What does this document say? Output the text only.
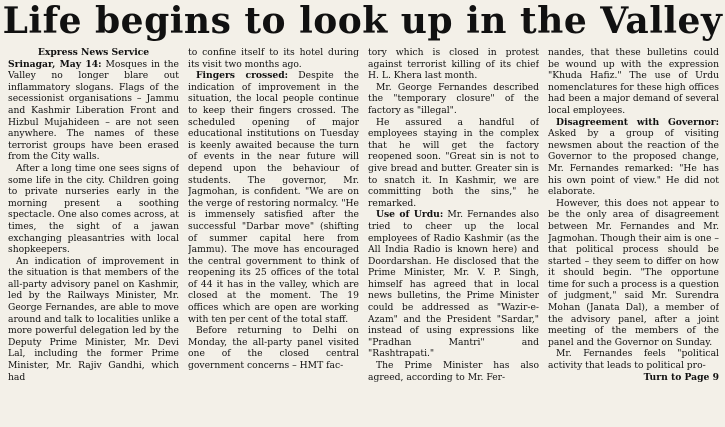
Life begins to look up in the Valley

Express News Service

Srinagar, May 14: Mosques in the Valley no longer blare out inflammatory slogans. Flags of the secessionist organisations – Jammu and Kashmir Liberation Front and Hizbul Mujahideen – are not seen anywhere. The names of these terrorist groups have been erased from the City walls.

After a long time one sees signs of some life in the city. Children going to private nurseries early in the morning present a soothing spectacle. One also comes across, at times, the sight of a jawan exchanging pleasantries with local shopkeepers.

An indication of improvement in the situation is that members of the all-party advisory panel on Kashmir, led by the Railways Minister, Mr. George Fernandes, are able to move around and talk to localities unlike a more powerful delegation led by the Deputy Prime Minister, Mr. Devi Lal, including the former Prime Minister, Mr. Rajiv Gandhi, which had

to confine itself to its hotel during its visit two months ago.

Fingers crossed: Despite the indication of improvement in the situation, the local people continue to keep their fingers crossed. The scheduled opening of major educational institutions on Tuesday is keenly awaited because the turn of events in the near future will depend upon the behaviour of students. The governor, Mr. Jagmohan, is confident. "We are on the verge of restoring normalcy. "He is immensely satisfied after the successful "Darbar move" (shifting of summer capital here from Jammu). The move has encouraged the central government to think of reopening its 25 offices of the total of 44 it has in the valley, which are closed at the moment. The 19 offices which are open are working with ten per cent of the total staff.

Before returning to Delhi on Monday, the all-party panel visited one of the closed central government concerns – HMT fac-

tory which is closed in protest against terrorist killing of its chief H. L. Khera last month.

Mr. George Fernandes described the "temporary closure" of the factory as "illegal".

He assured a handful of employees staying in the complex that he will get the factory reopened soon. "Great sin is not to give bread and butter. Greater sin is to snatch it. In Kashmir, we are committing both the sins," he remarked.

Use of Urdu: Mr. Fernandes also tried to cheer up the local employees of Radio Kashmir (as the All India Radio is known here) and Doordarshan. He disclosed that the Prime Minister, Mr. V. P. Singh, himself has agreed that in local news bulletins, the Prime Minister could be addressed as "Wazir-e-Azam" and the President "Sardar," instead of using expressions like "Pradhan Mantri" and "Rashtrapati."

The Prime Minister has also agreed, according to Mr. Fer-

nandes, that these bulletins could be wound up with the expression "Khuda Hafiz." The use of Urdu nomenclatures for these high offices had been a major demand of several local employees.

Disagreement with Governor: Asked by a group of visiting newsmen about the reaction of the Governor to the proposed change, Mr. Fernandes remarked: "He has his own point of view." He did not elaborate.

However, this does not appear to be the only area of disagreement between Mr. Fernandes and Mr. Jagmohan. Though their aim is one – that political process should be started – they seem to differ on how it should begin. "The opportune time for such a process is a question of judgment," said Mr. Surendra Mohan (Janata Dal), a member of the advisory panel, after a joint meeting of the members of the panel and the Governor on Sunday.

Mr. Fernandes feels "political activity that leads to political pro-

Turn to Page 9
